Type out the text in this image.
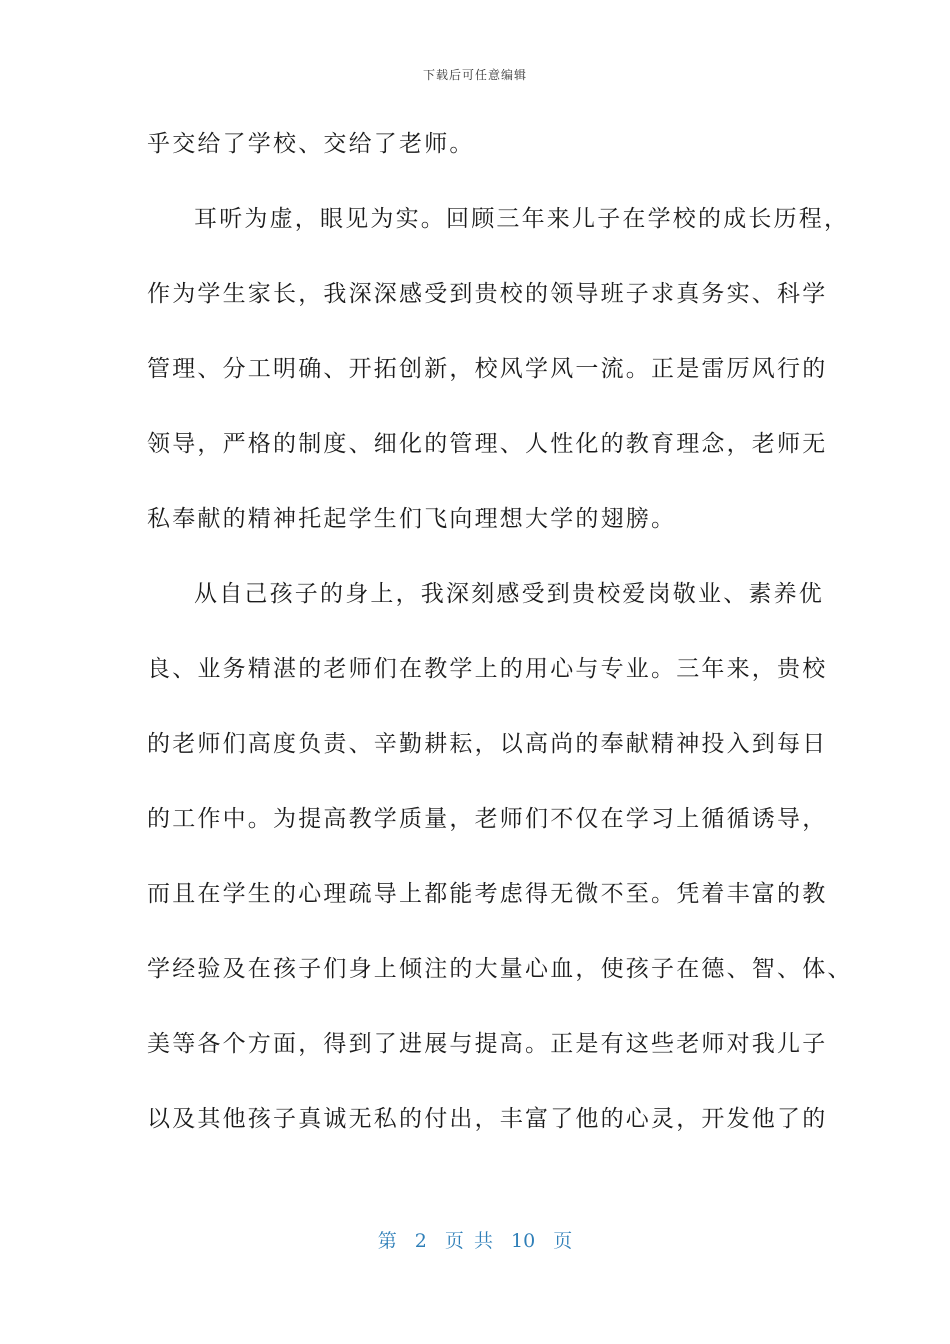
下载后可任意编辑
乎交给了学校、交给了老师。
耳听为虚，眼见为实。回顾三年来儿子在学校的成长历程，
作为学生家长，我深深感受到贵校的领导班子求真务实、科学
管理、分工明确、开拓创新，校风学风一流。正是雷厉风行的
领导，严格的制度、细化的管理、人性化的教育理念，老师无
私奉献的精神托起学生们飞向理想大学的翅膀。
从自己孩子的身上，我深刻感受到贵校爱岗敬业、素养优
良、业务精湛的老师们在教学上的用心与专业。三年来，贵校
的老师们高度负责、辛勤耕耘，以高尚的奉献精神投入到每日
的工作中。为提高教学质量，老师们不仅在学习上循循诱导，
而且在学生的心理疏导上都能考虑得无微不至。凭着丰富的教
学经验及在孩子们身上倾注的大量心血，使孩子在德、智、体、
美等各个方面，得到了进展与提高。正是有这些老师对我儿子
以及其他孩子真诚无私的付出，丰富了他的心灵，开发他了的
第 2 页 共 10 页
